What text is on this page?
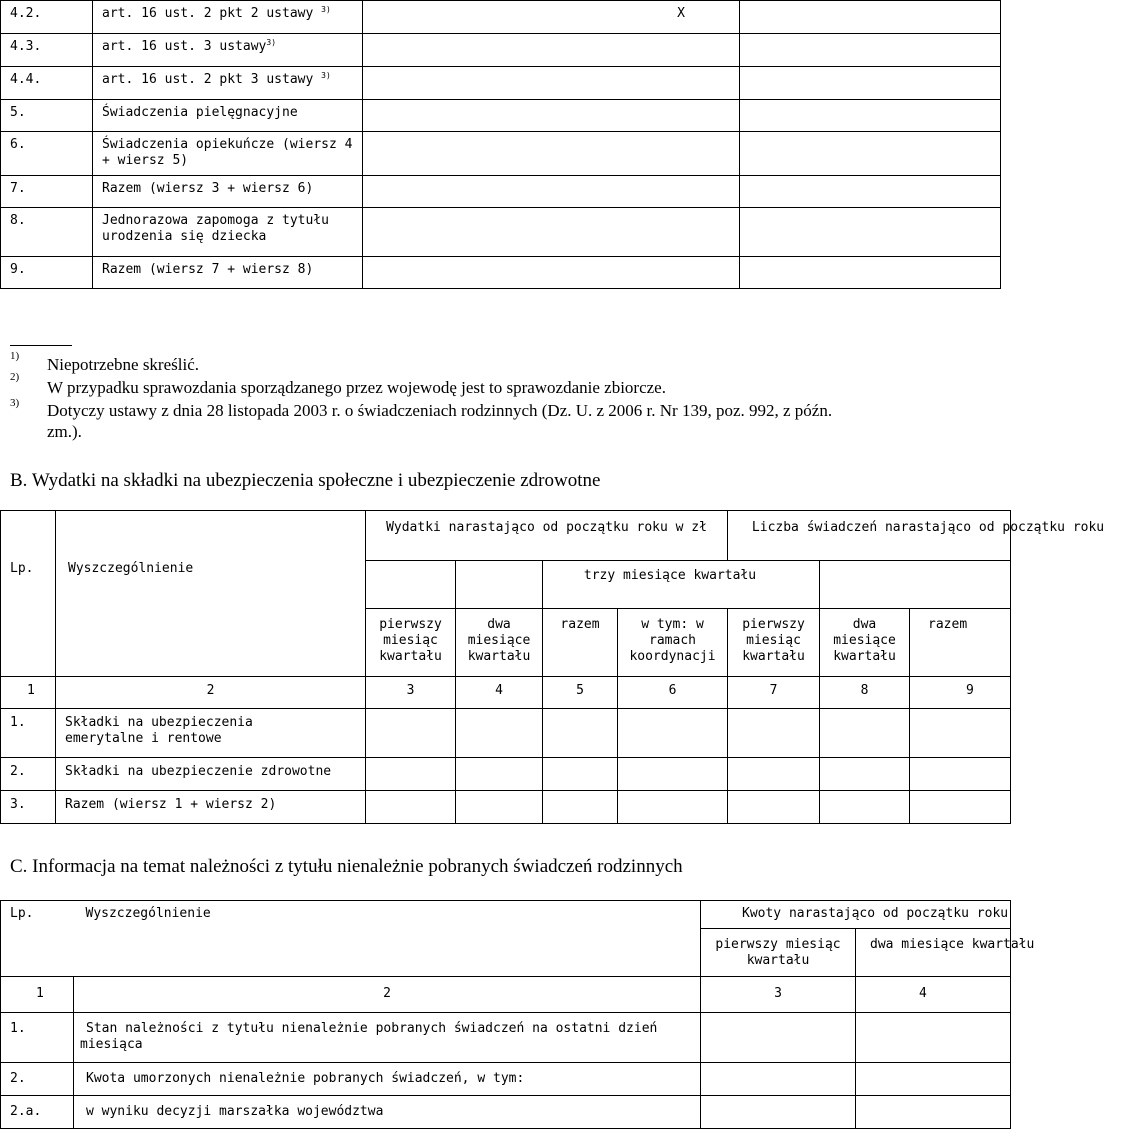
4.2.	art. 16 ust. 2 pkt 2 ustawy $^{3)}$	X	
4.3.	art. 16 ust. 3 ustawy$^{3)}$		
4.4.	art. 16 ust. 2 pkt 3 ustawy $^{3)}$		
5.	Świadczenia pielęgnacyjne		
6.	Świadczenia opiekuńcze (wiersz 4 + wiersz 5)		
7.	Razem (wiersz 3 + wiersz 6)		
8.	Jednorazowa zapomoga z tytułu urodzenia się dziecka		
9.	Razem (wiersz 7 + wiersz 8)		
1)
2)
3)
Niepotrzebne skreślić.
W przypadku sprawozdania sporządzanego przez wojewodę jest to sprawozdanie zbiorcze.
Dotyczy ustawy z dnia 28 listopada 2003 r. o świadczeniach rodzinnych (Dz. U. z 2006 r. Nr 139, poz. 992, z późn. zm.).
B. Wydatki na składki na ubezpieczenia społeczne i ubezpieczenie zdrowotne
Lp.	Wyszczególnienie	Wydatki narastająco od początku roku w zł				Liczba świadczeń narastająco od początku roku			

				trzy miesiące kwartału					

		pierwszy miesiąc kwartału	dwa miesiące kwartału	razem	w tym: w ramach koordynacji	pierwszy miesiąc kwartału	dwa miesiące kwartału	razem	
1	2	3	4	5	6	7	8	9	
1.	Składki na ubezpieczenia emerytalne i rentowe								
2.	Składki na ubezpieczenie zdrowotne								
3.	Razem (wiersz 1 + wiersz 2)								
C. Informacja na temat należności z tytułu nienależnie pobranych świadczeń rodzinnych
Lp.	Wyszczególnienie	Kwoty narastająco od początku roku	
		pierwszy miesiąc kwartału	dwa miesiące kwartału

1	2	3	4
1.	Stan należności z tytułu nienależnie pobranych świadczeń na ostatni dzień miesiąca		
2.	Kwota umorzonych nienależnie pobranych świadczeń, w tym:		
2.a.	w wyniku decyzji marszałka województwa		
